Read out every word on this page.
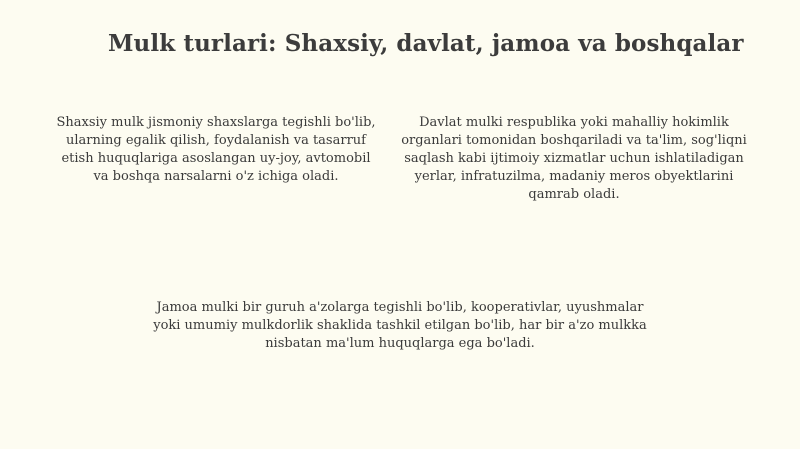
Mulk turlari: Shaxsiy, davlat, jamoa va boshqalar

Shaxsiy mulk jismoniy shaxslarga tegishli bo'lib, ularning egalik qilish, foydalanish va tasarruf etish huquqlariga asoslangan uy-joy, avtomobil va boshqa narsalarni o'z ichiga oladi.

Davlat mulki respublika yoki mahalliy hokimlik organlari tomonidan boshqariladi va ta'lim, sog'liqni saqlash kabi ijtimoiy xizmatlar uchun ishlatiladigan yerlar, infratuzilma, madaniy meros obyektlarini qamrab oladi.

Jamoa mulki bir guruh a'zolarga tegishli bo'lib, kooperativlar, uyushmalar yoki umumiy mulkdorlik shaklida tashkil etilgan bo'lib, har bir a'zo mulkka nisbatan ma'lum huquqlarga ega bo'ladi.
